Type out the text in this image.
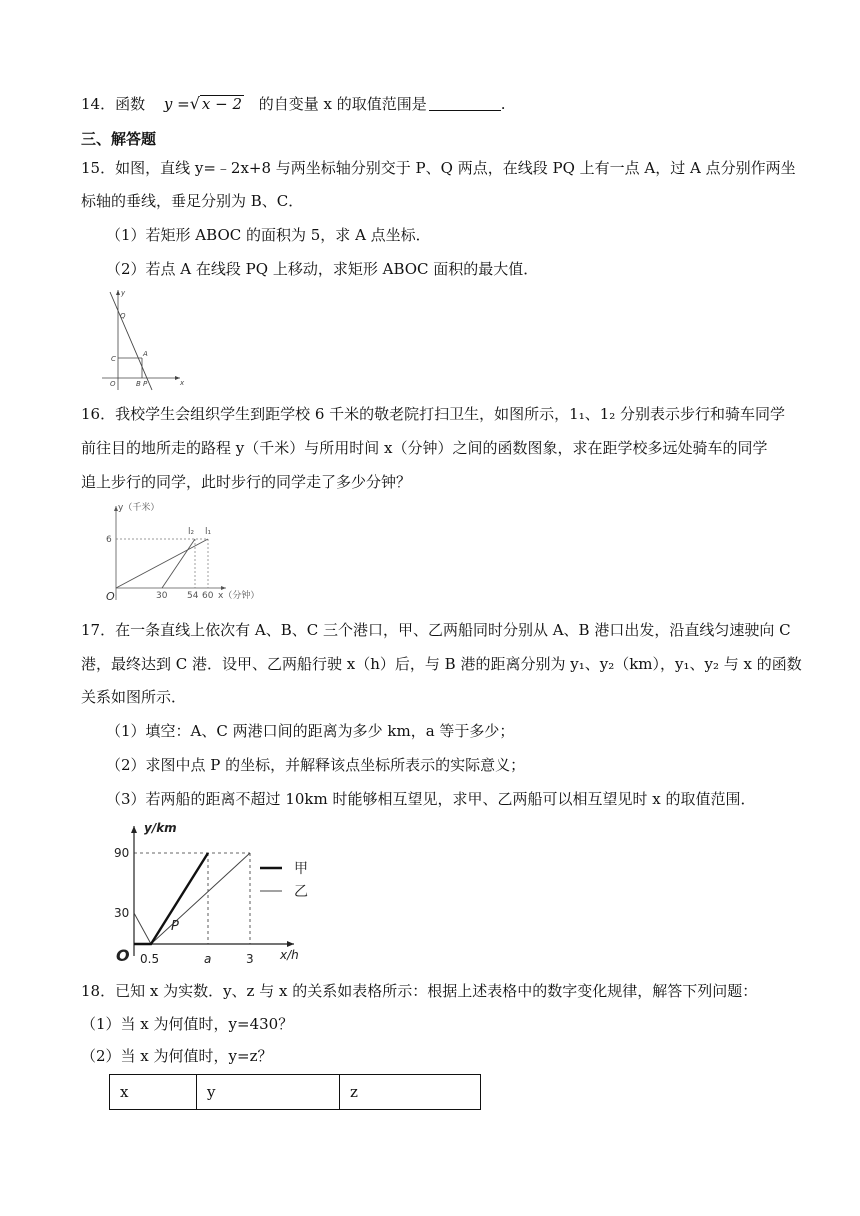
14．函数 y =√ x − 2 的自变量 x 的取值范围是	.
三、解答题
15．如图，直线 y=﹣2x+8 与两坐标轴分别交于 P、Q 两点，在线段 PQ 上有一点 A，过 A 点分别作两坐
标轴的垂线，垂足分别为 B、C．
（1）若矩形 ABOC 的面积为 5，求 A 点坐标．
（2）若点 A 在线段 PQ 上移动，求矩形 ABOC 面积的最大值．
y
x
Q
C
A
O	B P
16．我校学生会组织学生到距学校 6 千米的敬老院打扫卫生，如图所示，1₁、1₂ 分别表示步行和骑车同学
前往目的地所走的路程 y（千米）与所用时间 x（分钟）之间的函数图象，求在距学校多远处骑车的同学
追上步行的同学，此时步行的同学走了多少分钟？
y（千米）
x（分钟）
6
O	30 54 60
l₂ l₁
17．在一条直线上依次有 A、B、C 三个港口，甲、乙两船同时分别从 A、B 港口出发，沿直线匀速驶向 C
港，最终达到 C 港．设甲、乙两船行驶 x（h）后，与 B 港的距离分别为 y₁、y₂（km），y₁、y₂ 与 x 的函数
关系如图所示．
（1）填空：A、C 两港口间的距离为多少 km，a 等于多少；
（2）求图中点 P 的坐标，并解释该点坐标所表示的实际意义；
（3）若两船的距离不超过 10km 时能够相互望见，求甲、乙两船可以相互望见时 x 的取值范围．
y/km
x/h
90
30
O 0.5	a	3
P
甲
乙
18．已知 x 为实数．y、z 与 x 的关系如表格所示：根据上述表格中的数字变化规律，解答下列问题：
（1）当 x 为何值时，y=430？
（2）当 x 为何值时，y=z？
x	y	z
